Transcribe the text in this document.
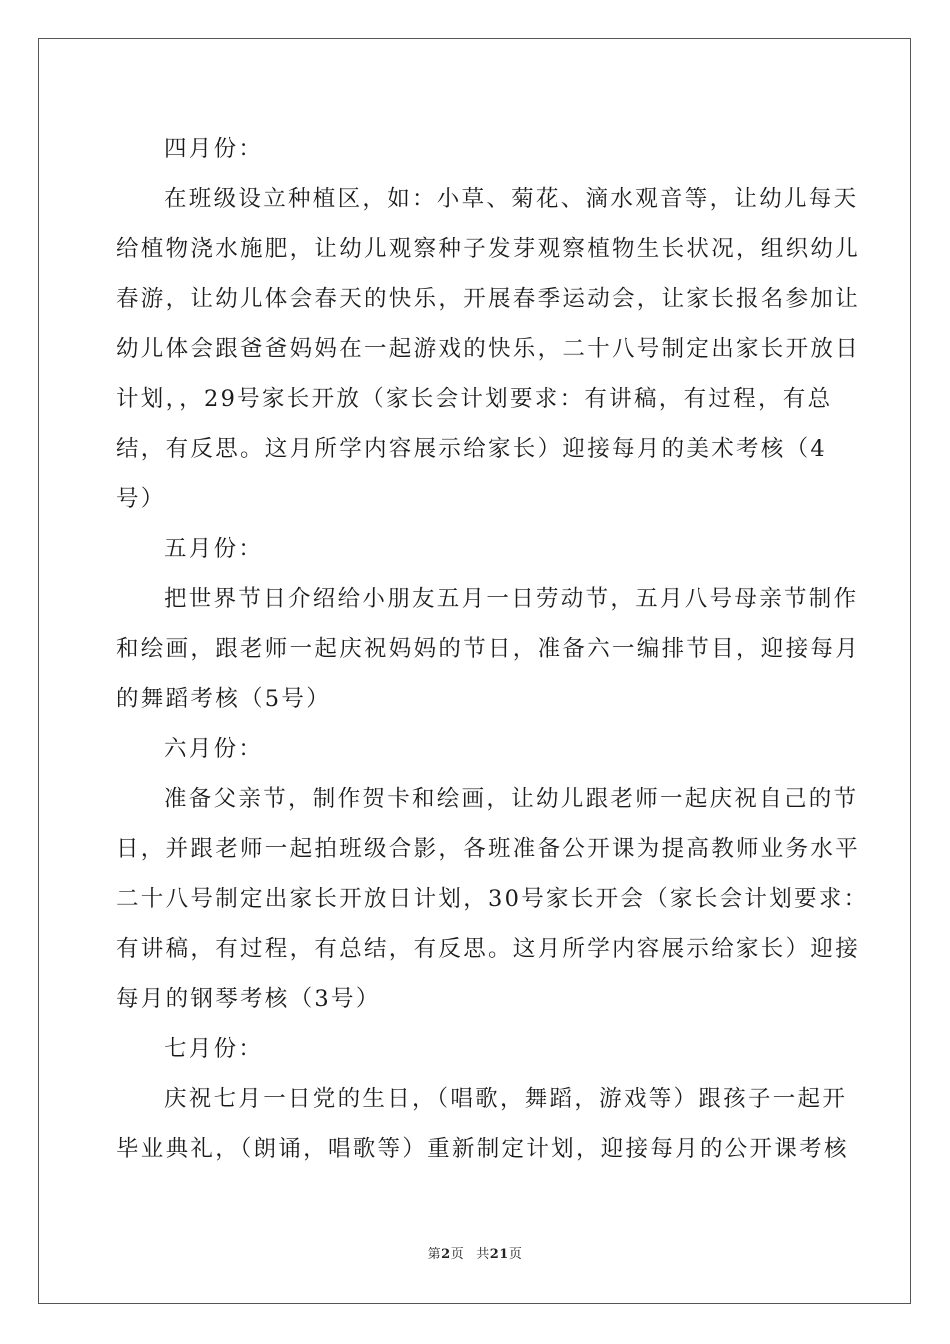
四月份：
在班级设立种植区，如：小草、菊花、滴水观音等，让幼儿每天
给植物浇水施肥，让幼儿观察种子发芽观察植物生长状况，组织幼儿
春游，让幼儿体会春天的快乐，开展春季运动会，让家长报名参加让
幼儿体会跟爸爸妈妈在一起游戏的快乐，二十八号制定出家长开放日
计划，，29号家长开放（家长会计划要求：有讲稿，有过程，有总
结，有反思。这月所学内容展示给家长）迎接每月的美术考核（4
号）
五月份：
把世界节日介绍给小朋友五月一日劳动节，五月八号母亲节制作
和绘画，跟老师一起庆祝妈妈的节日，准备六一编排节目，迎接每月
的舞蹈考核（5号）
六月份：
准备父亲节，制作贺卡和绘画，让幼儿跟老师一起庆祝自己的节
日，并跟老师一起拍班级合影，各班准备公开课为提高教师业务水平
二十八号制定出家长开放日计划，30号家长开会（家长会计划要求：
有讲稿，有过程，有总结，有反思。这月所学内容展示给家长）迎接
每月的钢琴考核（3号）
七月份：
庆祝七月一日党的生日，（唱歌，舞蹈，游戏等）跟孩子一起开
毕业典礼，（朗诵，唱歌等）重新制定计划，迎接每月的公开课考核
第2页 共21页
